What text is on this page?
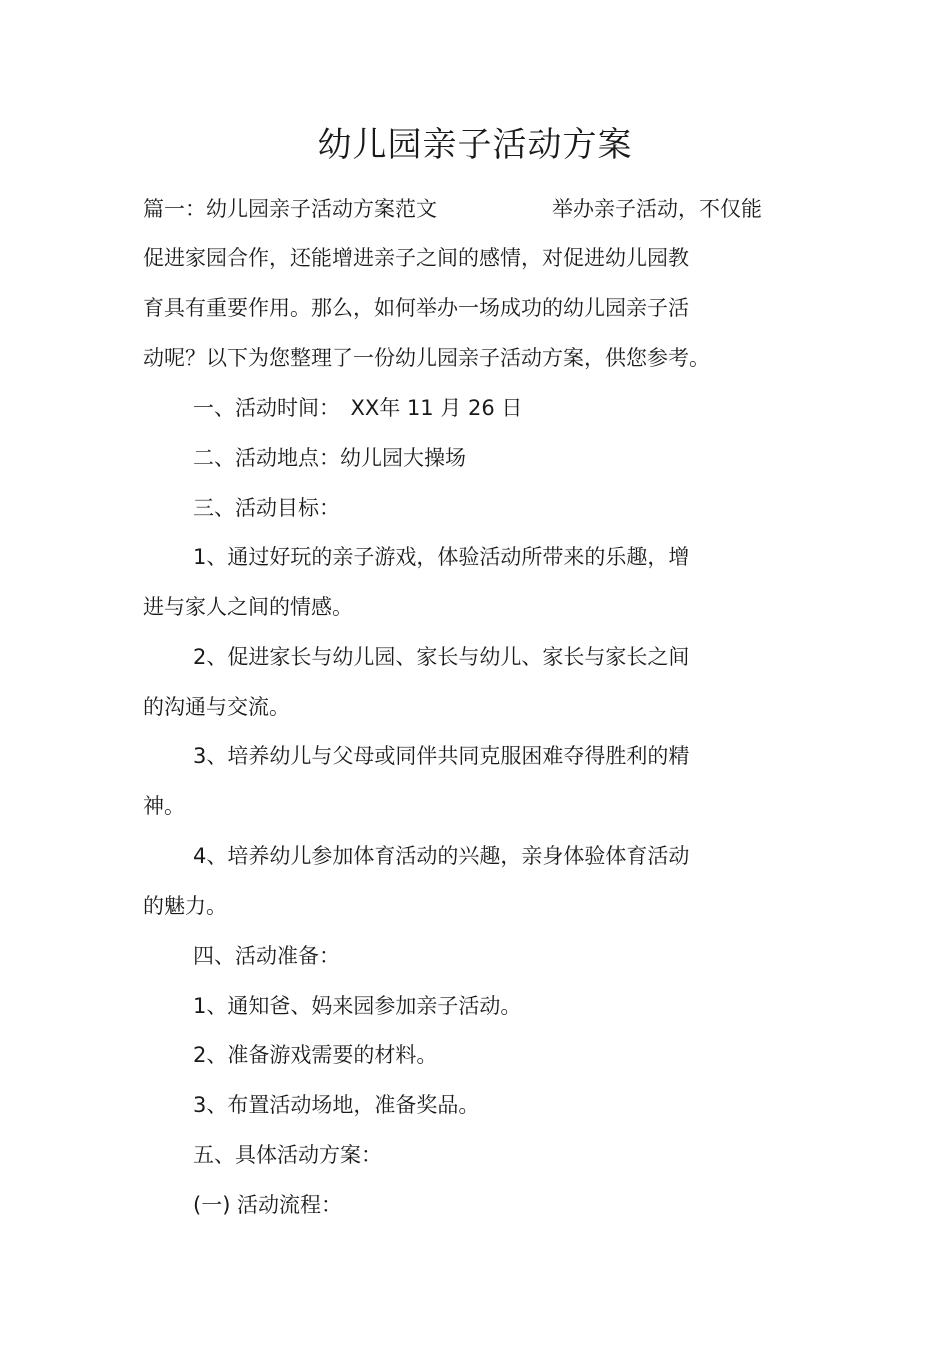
幼儿园亲子活动方案
篇一：幼儿园亲子活动方案范文	举办亲子活动，不仅能
促进家园合作，还能增进亲子之间的感情，对促进幼儿园教
育具有重要作用。那么，如何举办一场成功的幼儿园亲子活
动呢？以下为您整理了一份幼儿园亲子活动方案，供您参考。
一、活动时间：　XX年 11 月 26 日
二、活动地点：幼儿园大操场
三、活动目标：
1、通过好玩的亲子游戏，体验活动所带来的乐趣，增
进与家人之间的情感。
2、促进家长与幼儿园、家长与幼儿、家长与家长之间
的沟通与交流。
3、培养幼儿与父母或同伴共同克服困难夺得胜利的精
神。
4、培养幼儿参加体育活动的兴趣，亲身体验体育活动
的魅力。
四、活动准备：
1、通知爸、妈来园参加亲子活动。
2、准备游戏需要的材料。
3、布置活动场地，准备奖品。
五、具体活动方案：
(一) 活动流程：
